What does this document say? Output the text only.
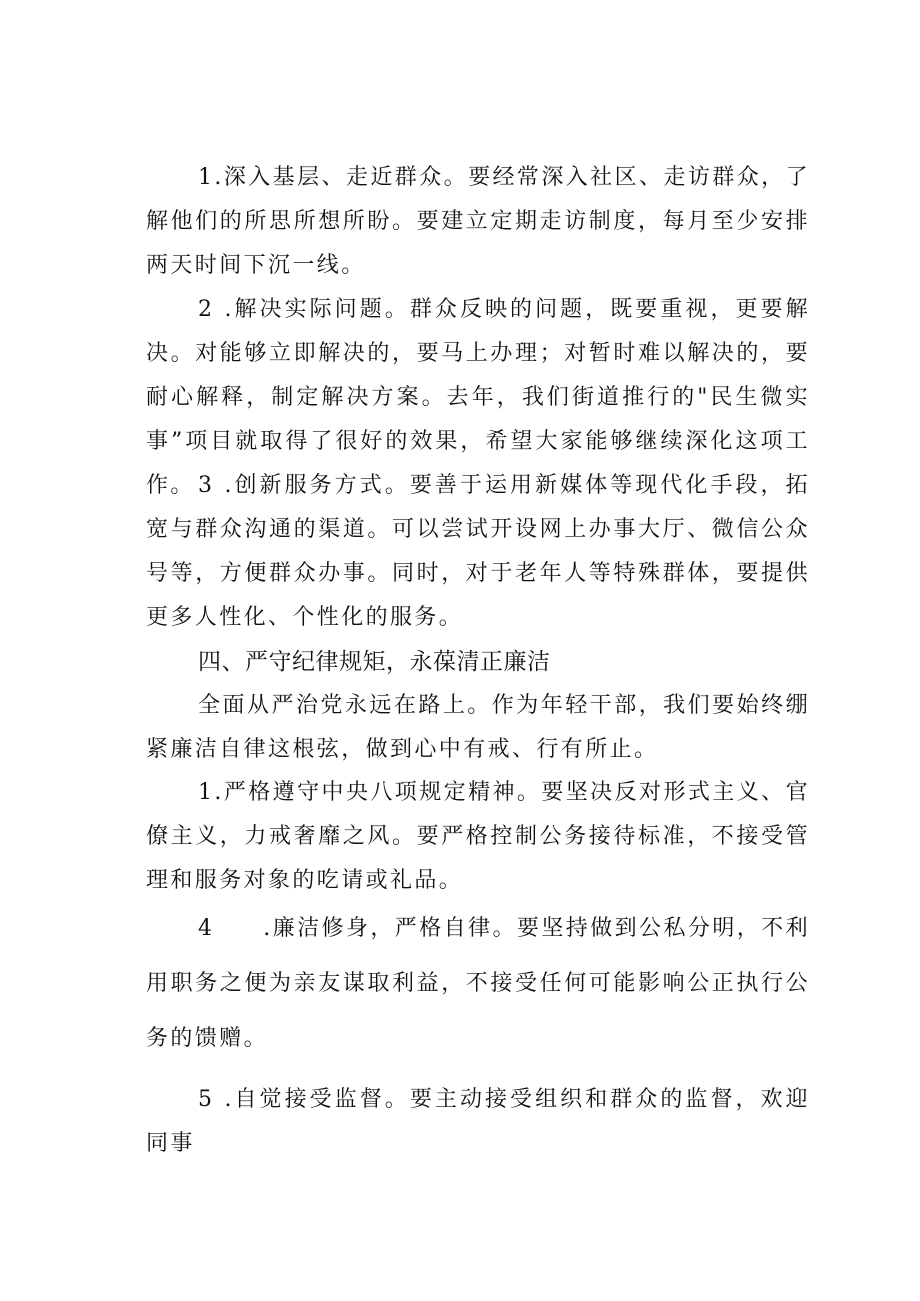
1.深入基层、走近群众。要经常深入社区、走访群众，了解他们的所思所想所盼。要建立定期走访制度，每月至少安排两天时间下沉一线。

2 .解决实际问题。群众反映的问题，既要重视，更要解决。对能够立即解决的，要马上办理；对暂时难以解决的，要耐心解释，制定解决方案。去年，我们街道推行的"民生微实事”项目就取得了很好的效果，希望大家能够继续深化这项工作。 3 .创新服务方式。要善于运用新媒体等现代化手段，拓宽与群众沟通的渠道。可以尝试开设网上办事大厅、微信公众号等，方便群众办事。同时，对于老年人等特殊群体，要提供更多人性化、个性化的服务。

四、严守纪律规矩，永葆清正廉洁

全面从严治党永远在路上。作为年轻干部，我们要始终绷紧廉洁自律这根弦，做到心中有戒、行有所止。

1.严格遵守中央八项规定精神。要坚决反对形式主义、官僚主义，力戒奢靡之风。要严格控制公务接待标准，不接受管理和服务对象的吃请或礼品。

4　　.廉洁修身，严格自律。要坚持做到公私分明，不利用职务之便为亲友谋取利益，不接受任何可能影响公正执行公务的馈赠。

5 .自觉接受监督。要主动接受组织和群众的监督，欢迎同事
